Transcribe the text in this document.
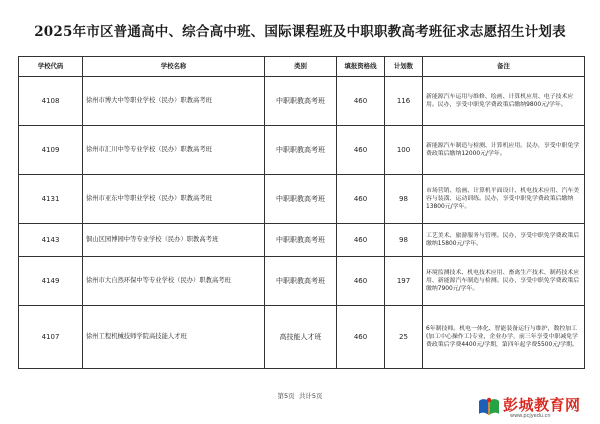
2025年市区普通高中、综合高中班、国际课程班及中职职教高考班征求志愿招生计划表
学校代码	学校名称	类别	填报资格线	计划数	备注
4108	徐州市博大中等职业学校（民办）职教高考班	中职职教高考班	460	116	新能源汽车运用与维修、绘画、计算机应用、电子技术应用。民办，享受中职免学费政策后缴纳9800元/学年。
4109	徐州市汇川中等专业学校（民办）职教高考班	中职职教高考班	460	100	新能源汽车制造与检测、计算机应用。民办，享受中职免学费政策后缴纳12000元/学年。
4131	徐州市亚东中等职业学校（民办）职教高考班	中职职教高考班	460	98	市场营销、绘画、计算机平面设计、机电技术应用、汽车美容与装潢、运动训练。民办，享受中职免学费政策后缴纳13800元/学年。
4143	铜山区园博园中等专业学校（民办）职教高考班	中职职教高考班	460	98	工艺美术、旅游服务与管理。民办，享受中职免学费政策后缴纳15800元/学年。
4149	徐州市大自然环保中等专业学校（民办）职教高考班	中职职教高考班	460	197	环境监测技术、机电技术应用、畜禽生产技术、制药技术应用、新能源汽车制造与检测。民办，享受中职免学费政策后缴纳7900元/学年。
4107	徐州工程机械技师学院高技能人才班	高技能人才班	460	25	6年制技师。机电一体化、智能装备运行与维护，数控加工(加工中心操作工)专业，企业办学，前三年享受中职减免学费政策后学费4400元/学期，第四年起学费5500元/学期。
第5页 共计5页	彭城教育网
www.pcjyedu.cn
